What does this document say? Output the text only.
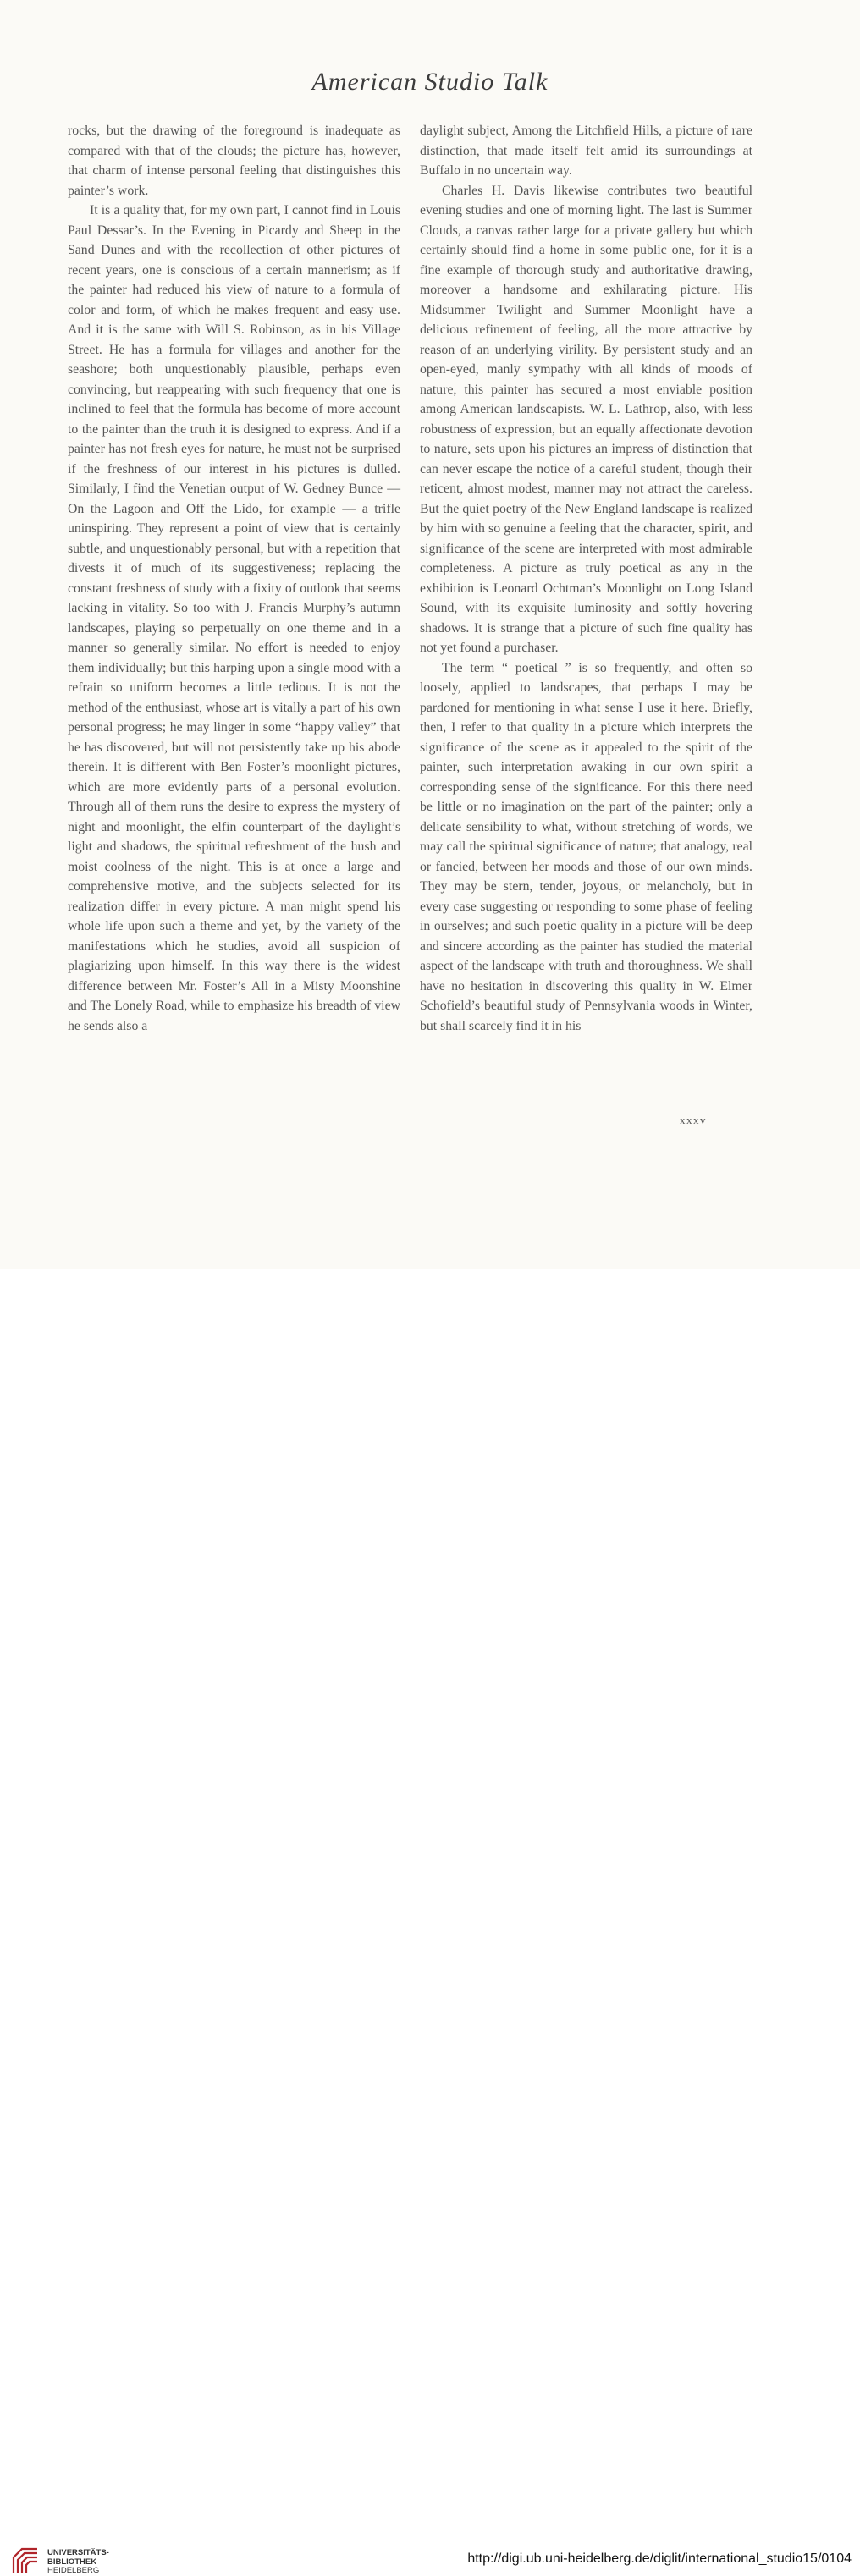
American Studio Talk

rocks, but the drawing of the foreground is inadequate as compared with that of the clouds; the picture has, however, that charm of intense personal feeling that distinguishes this painter’s work.

It is a quality that, for my own part, I cannot find in Louis Paul Dessar’s. In the Evening in Picardy and Sheep in the Sand Dunes and with the recollection of other pictures of recent years, one is conscious of a certain mannerism; as if the painter had reduced his view of nature to a formula of color and form, of which he makes frequent and easy use. And it is the same with Will S. Robinson, as in his Village Street. He has a formula for villages and another for the seashore; both unquestionably plausible, perhaps even convincing, but reappearing with such frequency that one is inclined to feel that the formula has become of more account to the painter than the truth it is designed to express. And if a painter has not fresh eyes for nature, he must not be surprised if the freshness of our interest in his pictures is dulled. Similarly, I find the Venetian output of W. Gedney Bunce — On the Lagoon and Off the Lido, for example — a trifle uninspiring. They represent a point of view that is certainly subtle, and unquestionably personal, but with a repetition that divests it of much of its suggestiveness; replacing the constant freshness of study with a fixity of outlook that seems lacking in vitality. So too with J. Francis Murphy’s autumn landscapes, playing so perpetually on one theme and in a manner so generally similar. No effort is needed to enjoy them individually; but this harping upon a single mood with a refrain so uniform becomes a little tedious. It is not the method of the enthusiast, whose art is vitally a part of his own personal progress; he may linger in some “happy valley” that he has discovered, but will not persistently take up his abode therein. It is different with Ben Foster’s moonlight pictures, which are more evidently parts of a personal evolution. Through all of them runs the desire to express the mystery of night and moonlight, the elfin counterpart of the daylight’s light and shadows, the spiritual refreshment of the hush and moist coolness of the night. This is at once a large and comprehensive motive, and the subjects selected for its realization differ in every picture. A man might spend his whole life upon such a theme and yet, by the variety of the manifestations which he studies, avoid all suspicion of plagiarizing upon himself. In this way there is the widest difference between Mr. Foster’s All in a Misty Moonshine and The Lonely Road, while to emphasize his breadth of view he sends also a

daylight subject, Among the Litchfield Hills, a picture of rare distinction, that made itself felt amid its surroundings at Buffalo in no uncertain way.

Charles H. Davis likewise contributes two beautiful evening studies and one of morning light. The last is Summer Clouds, a canvas rather large for a private gallery but which certainly should find a home in some public one, for it is a fine example of thorough study and authoritative drawing, moreover a handsome and exhilarating picture. His Midsummer Twilight and Summer Moonlight have a delicious refinement of feeling, all the more attractive by reason of an underlying virility. By persistent study and an open-eyed, manly sympathy with all kinds of moods of nature, this painter has secured a most enviable position among American landscapists. W. L. Lathrop, also, with less robustness of expression, but an equally affectionate devotion to nature, sets upon his pictures an impress of distinction that can never escape the notice of a careful student, though their reticent, almost modest, manner may not attract the careless. But the quiet poetry of the New England landscape is realized by him with so genuine a feeling that the character, spirit, and significance of the scene are interpreted with most admirable completeness. A picture as truly poetical as any in the exhibition is Leonard Ochtman’s Moonlight on Long Island Sound, with its exquisite luminosity and softly hovering shadows. It is strange that a picture of such fine quality has not yet found a purchaser.

The term “ poetical ” is so frequently, and often so loosely, applied to landscapes, that perhaps I may be pardoned for mentioning in what sense I use it here. Briefly, then, I refer to that quality in a picture which interprets the significance of the scene as it appealed to the spirit of the painter, such interpretation awaking in our own spirit a corresponding sense of the significance. For this there need be little or no imagination on the part of the painter; only a delicate sensibility to what, without stretching of words, we may call the spiritual significance of nature; that analogy, real or fancied, between her moods and those of our own minds. They may be stern, tender, joyous, or melancholy, but in every case suggesting or responding to some phase of feeling in ourselves; and such poetic quality in a picture will be deep and sincere according as the painter has studied the material aspect of the landscape with truth and thoroughness. We shall have no hesitation in discovering this quality in W. Elmer Schofield’s beautiful study of Pennsylvania woods in Winter, but shall scarcely find it in his

xxxv
UNIVERSITÄTS-
BIBLIOTHEK
HEIDELBERG
http://digi.ub.uni-heidelberg.de/diglit/international_studio15/0104
